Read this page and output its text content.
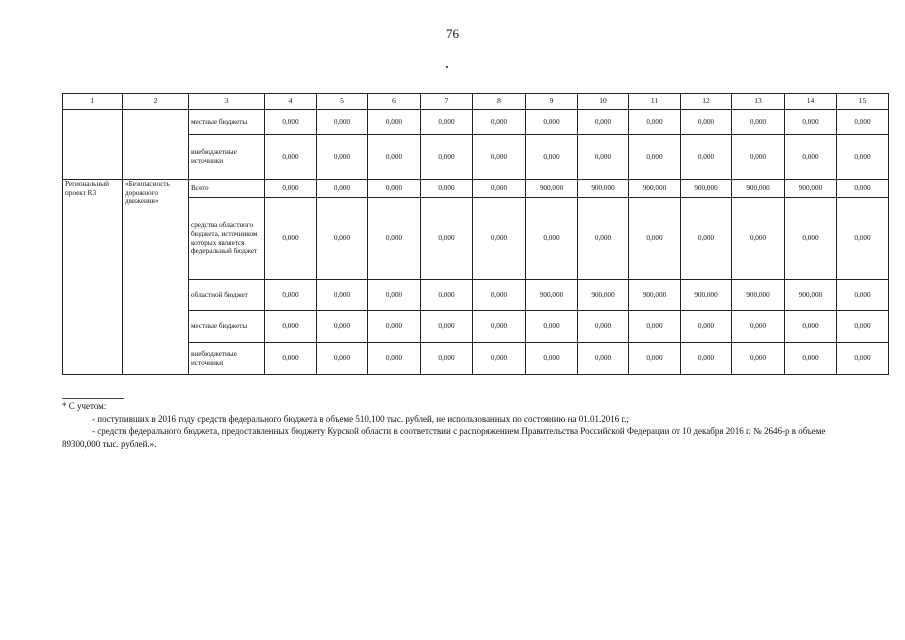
76
1	2	3	4	5	6	7	8	9	10	11	12	13	14	15
		местные бюджеты	0,000	0,000	0,000	0,000	0,000	0,000	0,000	0,000	0,000	0,000	0,000	0,000
		внебюджетные источники	0,000	0,000	0,000	0,000	0,000	0,000	0,000	0,000	0,000	0,000	0,000	0,000
Региональный проект R3	«Безопасность дорожного движения»	Всего	0,000	0,000	0,000	0,000	0,000	900,000	900,000	900,000	900,000	900,000	900,000	0,000
		средства областного бюджета, источником которых является федеральный бюджет	0,000	0,000	0,000	0,000	0,000	0,000	0,000	0,000	0,000	0,000	0,000	0,000
		областной бюджет	0,000	0,000	0,000	0,000	0,000	900,000	900,000	900,000	900,000	900,000	900,000	0,000
		местные бюджеты	0,000	0,000	0,000	0,000	0,000	0,000	0,000	0,000	0,000	0,000	0,000	0,000
		внебюджетные источники	0,000	0,000	0,000	0,000	0,000	0,000	0,000	0,000	0,000	0,000	0,000	0,000

* С учетом:

- поступивших в 2016 году средств федерального бюджета в объеме 510,100 тыс. рублей, не использованных по состоянию на 01.01.2016 г.;

- средств федерального бюджета, предоставленных бюджету Курской области в соответствии с распоряжением Правительства Российской Федерации от 10 декабря 2016 г. № 2646-р в объеме 89300,000 тыс. рублей.».
